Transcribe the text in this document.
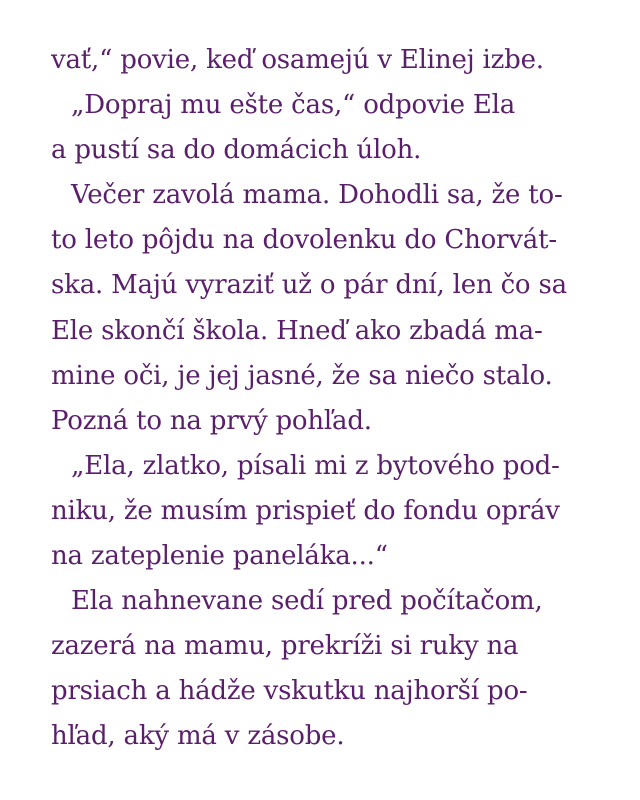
vať,“ povie, keď osamejú v Elinej izbe.
„Dopraj mu ešte čas,“ odpovie Ela
a pustí sa do domácich úloh.
Večer zavolá mama. Dohodli sa, že to-
to leto pôjdu na dovolenku do Chorvát-
ska. Majú vyraziť už o pár dní, len čo sa
Ele skončí škola. Hneď ako zbadá ma-
mine oči, je jej jasné, že sa niečo stalo.
Pozná to na prvý pohľad.
„Ela, zlatko, písali mi z bytového pod-
niku, že musím prispieť do fondu opráv
na zateplenie paneláka...“
Ela nahnevane sedí pred počítačom,
zazerá na mamu, prekríži si ruky na
prsiach a hádže vskutku najhorší po-
hľad, aký má v zásobe.
